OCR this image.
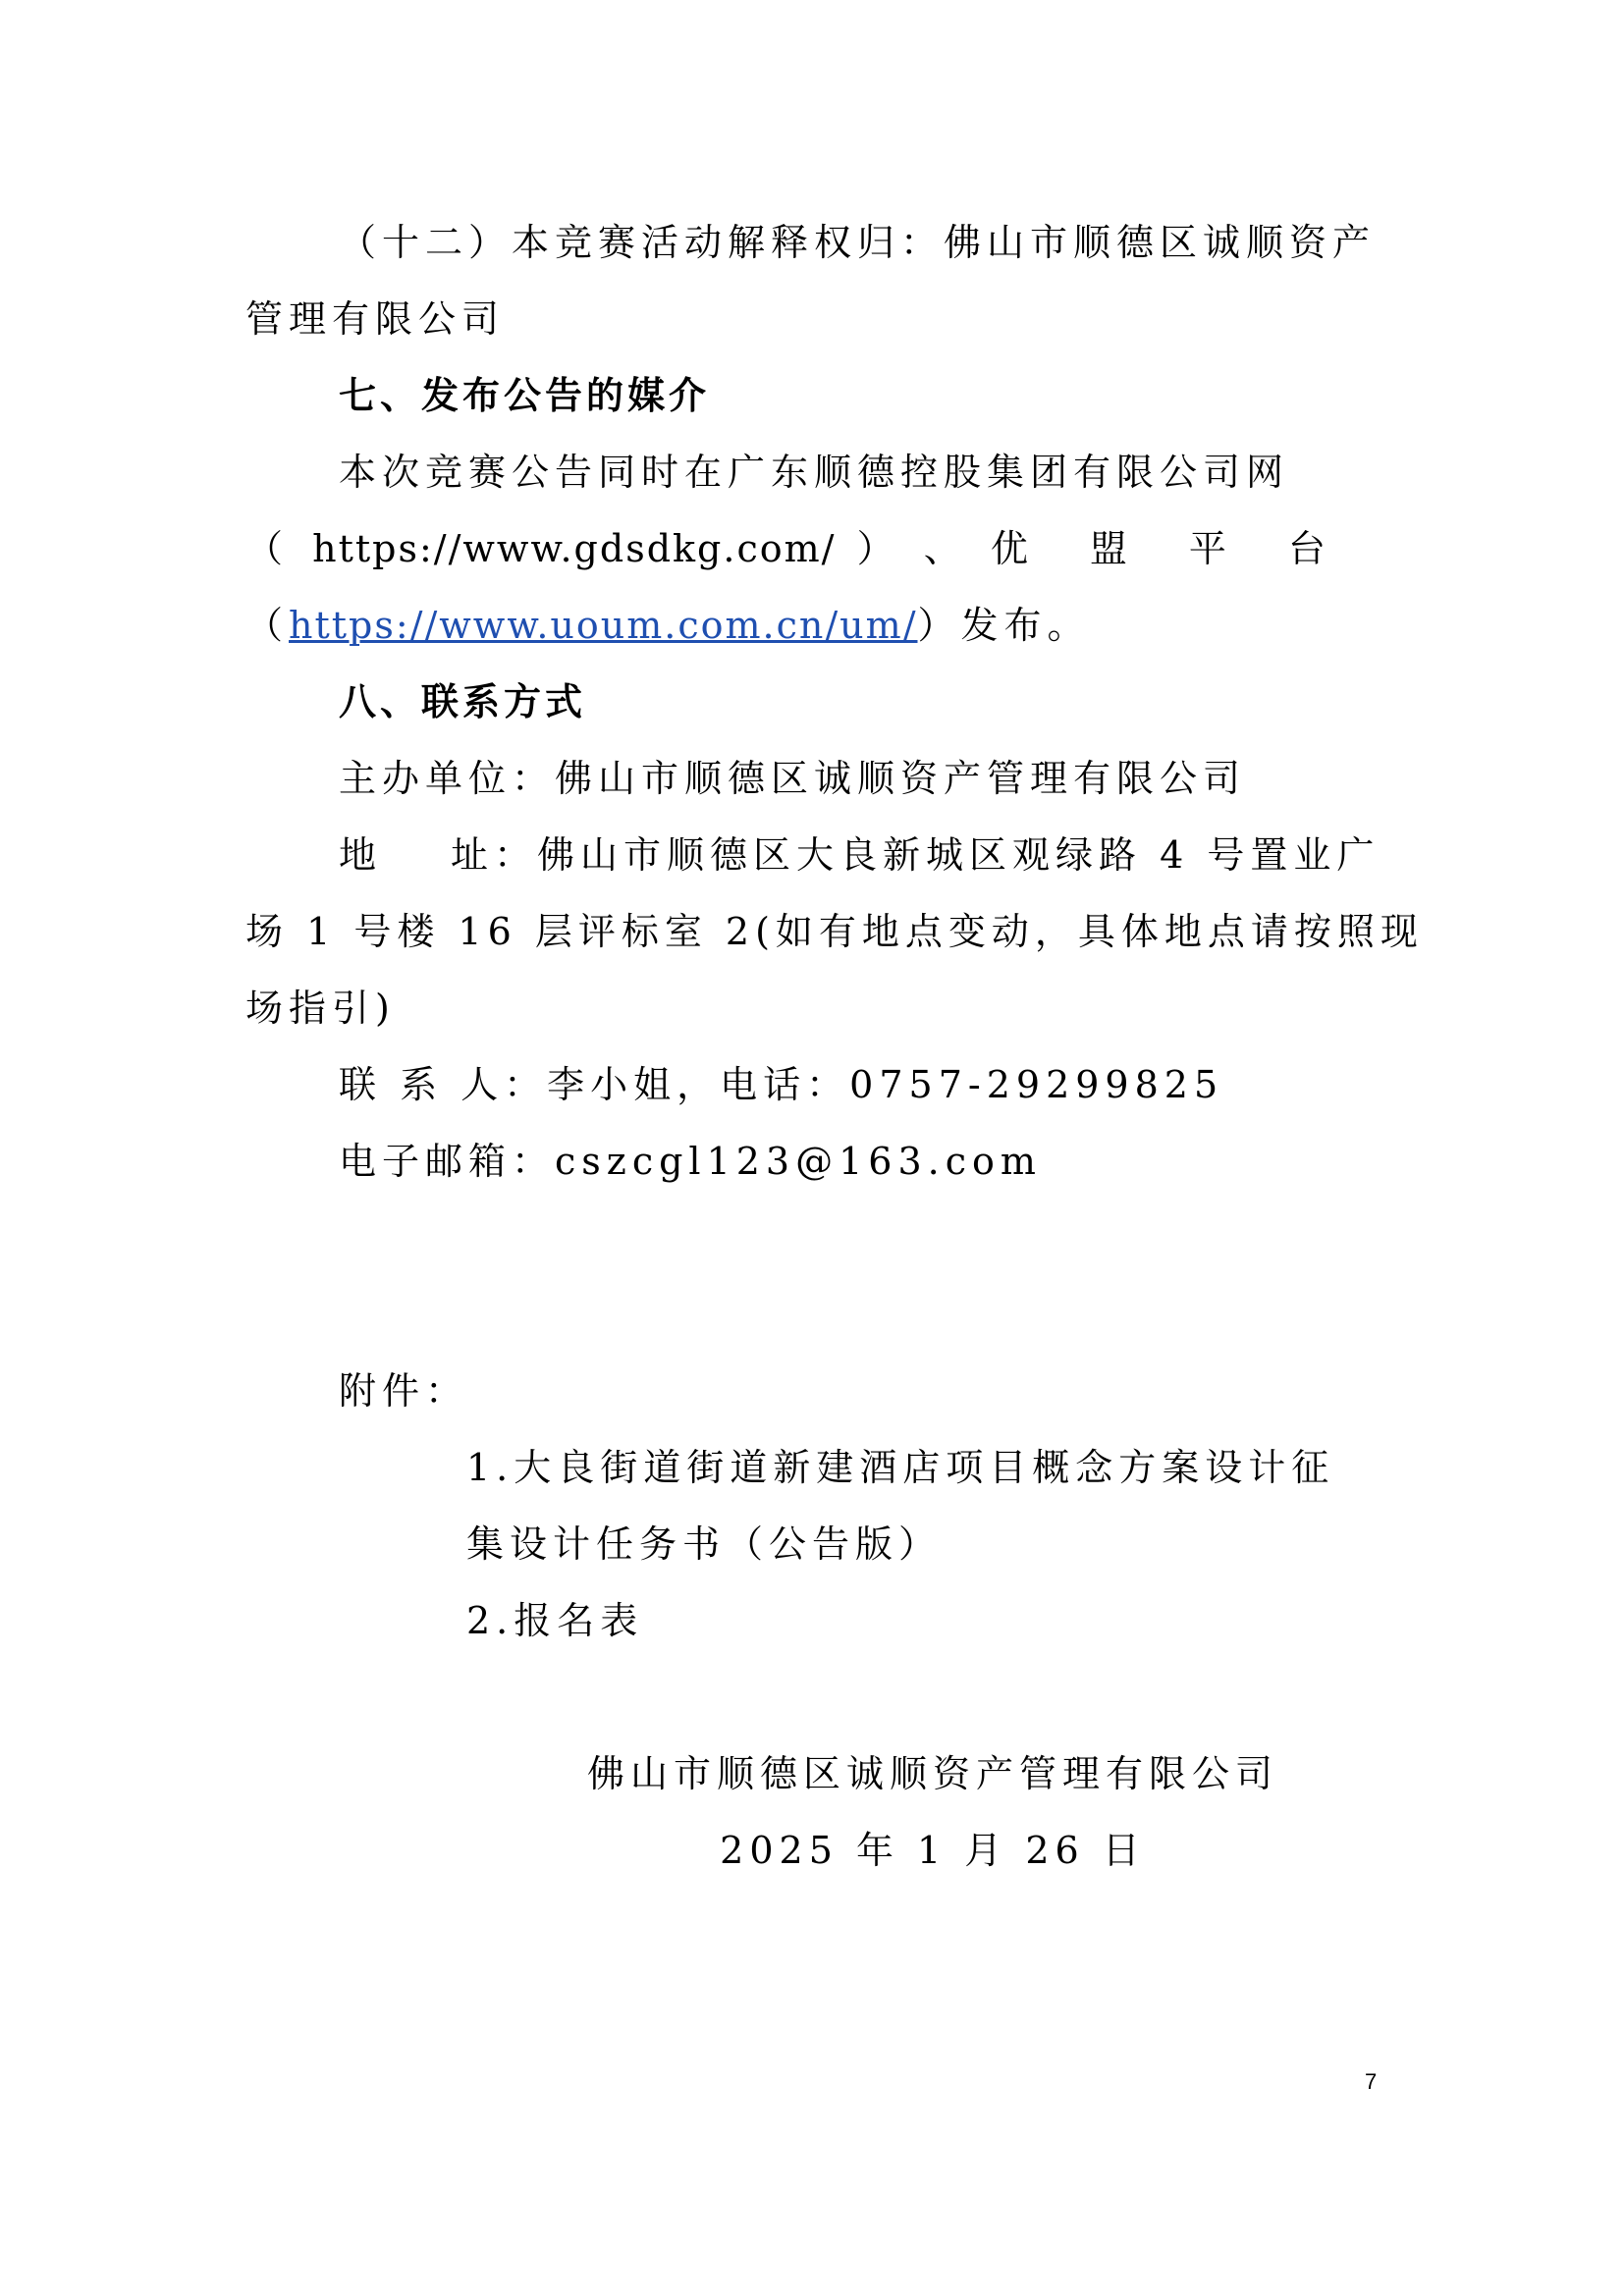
（十二）本竞赛活动解释权归：佛山市顺德区诚顺资产
管理有限公司
七、发布公告的媒介
本次竞赛公告同时在广东顺德控股集团有限公司网
（ https://www.gdsdkg.com/ ） 、 优盟平台
（https://www.uoum.com.cn/um/）发布。
八、联系方式
主办单位：佛山市顺德区诚顺资产管理有限公司
地 址：佛山市顺德区大良新城区观绿路 4 号置业广
场 1 号楼 16 层评标室 2(如有地点变动，具体地点请按照现
场指引)
联 系 人：李小姐，电话：0757-29299825
电子邮箱：cszcgl123@163.com
附件：
1.大良街道街道新建酒店项目概念方案设计征
集设计任务书（公告版）
2.报名表
佛山市顺德区诚顺资产管理有限公司
2025 年 1 月 26 日
7
